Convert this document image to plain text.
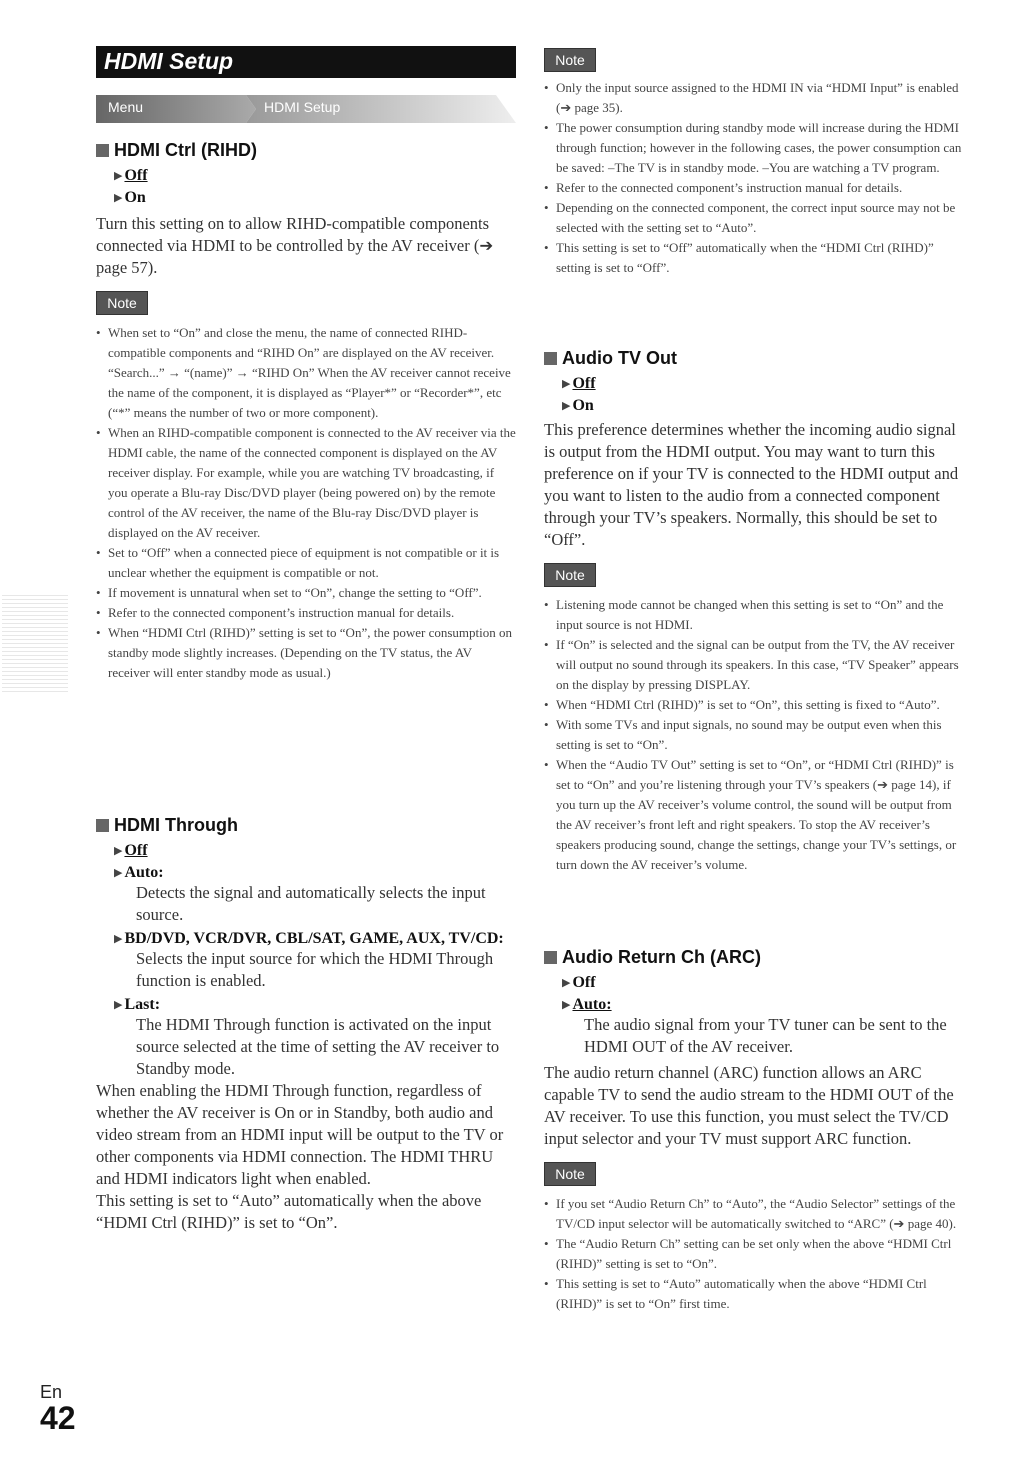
HDMI Setup
Menu	HDMI Setup
HDMI Ctrl (RIHD)
▶ Off
▶ On

Turn this setting on to allow RIHD-compatible components connected via HDMI to be controlled by the AV receiver (➔ page 57).

Note
• When set to “On” and close the menu, the name of connected RIHD-compatible components and “RIHD On” are displayed on the AV receiver. “Search...” → “(name)” → “RIHD On” When the AV receiver cannot receive the name of the component, it is displayed as “Player*” or “Recorder*”, etc (“*” means the number of two or more component).
• When an RIHD-compatible component is connected to the AV receiver via the HDMI cable, the name of the connected component is displayed on the AV receiver display. For example, while you are watching TV broadcasting, if you operate a Blu-ray Disc/DVD player (being powered on) by the remote control of the AV receiver, the name of the Blu-ray Disc/DVD player is displayed on the AV receiver.
• Set to “Off” when a connected piece of equipment is not compatible or it is unclear whether the equipment is compatible or not.
• If movement is unnatural when set to “On”, change the setting to “Off”.
• Refer to the connected component’s instruction manual for details.
• When “HDMI Ctrl (RIHD)” setting is set to “On”, the power consumption on standby mode slightly increases. (Depending on the TV status, the AV receiver will enter standby mode as usual.)
HDMI Through
▶ Off
▶ Auto:

Detects the signal and automatically selects the input source.

▶ BD/DVD, VCR/DVR, CBL/SAT, GAME, AUX, TV/CD:

Selects the input source for which the HDMI Through function is enabled.

▶ Last:

The HDMI Through function is activated on the input source selected at the time of setting the AV receiver to Standby mode.

When enabling the HDMI Through function, regardless of whether the AV receiver is On or in Standby, both audio and video stream from an HDMI input will be output to the TV or other components via HDMI connection. The HDMI THRU and HDMI indicators light when enabled.

This setting is set to “Auto” automatically when the above “HDMI Ctrl (RIHD)” is set to “On”.

Note
• Only the input source assigned to the HDMI IN via “HDMI Input” is enabled (➔ page 35).
• The power consumption during standby mode will increase during the HDMI through function; however in the following cases, the power consumption can be saved: –The TV is in standby mode. –You are watching a TV program.
• Refer to the connected component’s instruction manual for details.
• Depending on the connected component, the correct input source may not be selected with the setting set to “Auto”.
• This setting is set to “Off” automatically when the “HDMI Ctrl (RIHD)” setting is set to “Off”.
Audio TV Out
▶ Off
▶ On

This preference determines whether the incoming audio signal is output from the HDMI output. You may want to turn this preference on if your TV is connected to the HDMI output and you want to listen to the audio from a connected component through your TV’s speakers. Normally, this should be set to “Off”.

Note
• Listening mode cannot be changed when this setting is set to “On” and the input source is not HDMI.
• If “On” is selected and the signal can be output from the TV, the AV receiver will output no sound through its speakers. In this case, “TV Speaker” appears on the display by pressing DISPLAY.
• When “HDMI Ctrl (RIHD)” is set to “On”, this setting is fixed to “Auto”.
• With some TVs and input signals, no sound may be output even when this setting is set to “On”.
• When the “Audio TV Out” setting is set to “On”, or “HDMI Ctrl (RIHD)” is set to “On” and you’re listening through your TV’s speakers (➔ page 14), if you turn up the AV receiver’s volume control, the sound will be output from the AV receiver’s front left and right speakers. To stop the AV receiver’s speakers producing sound, change the settings, change your TV’s settings, or turn down the AV receiver’s volume.
Audio Return Ch (ARC)
▶ Off
▶ Auto:

The audio signal from your TV tuner can be sent to the HDMI OUT of the AV receiver.

The audio return channel (ARC) function allows an ARC capable TV to send the audio stream to the HDMI OUT of the AV receiver. To use this function, you must select the TV/CD input selector and your TV must support ARC function.

Note
• If you set “Audio Return Ch” to “Auto”, the “Audio Selector” settings of the TV/CD input selector will be automatically switched to “ARC” (➔ page 40).
• The “Audio Return Ch” setting can be set only when the above “HDMI Ctrl (RIHD)” setting is set to “On”.
• This setting is set to “Auto” automatically when the above “HDMI Ctrl (RIHD)” is set to “On” first time.
En
42
